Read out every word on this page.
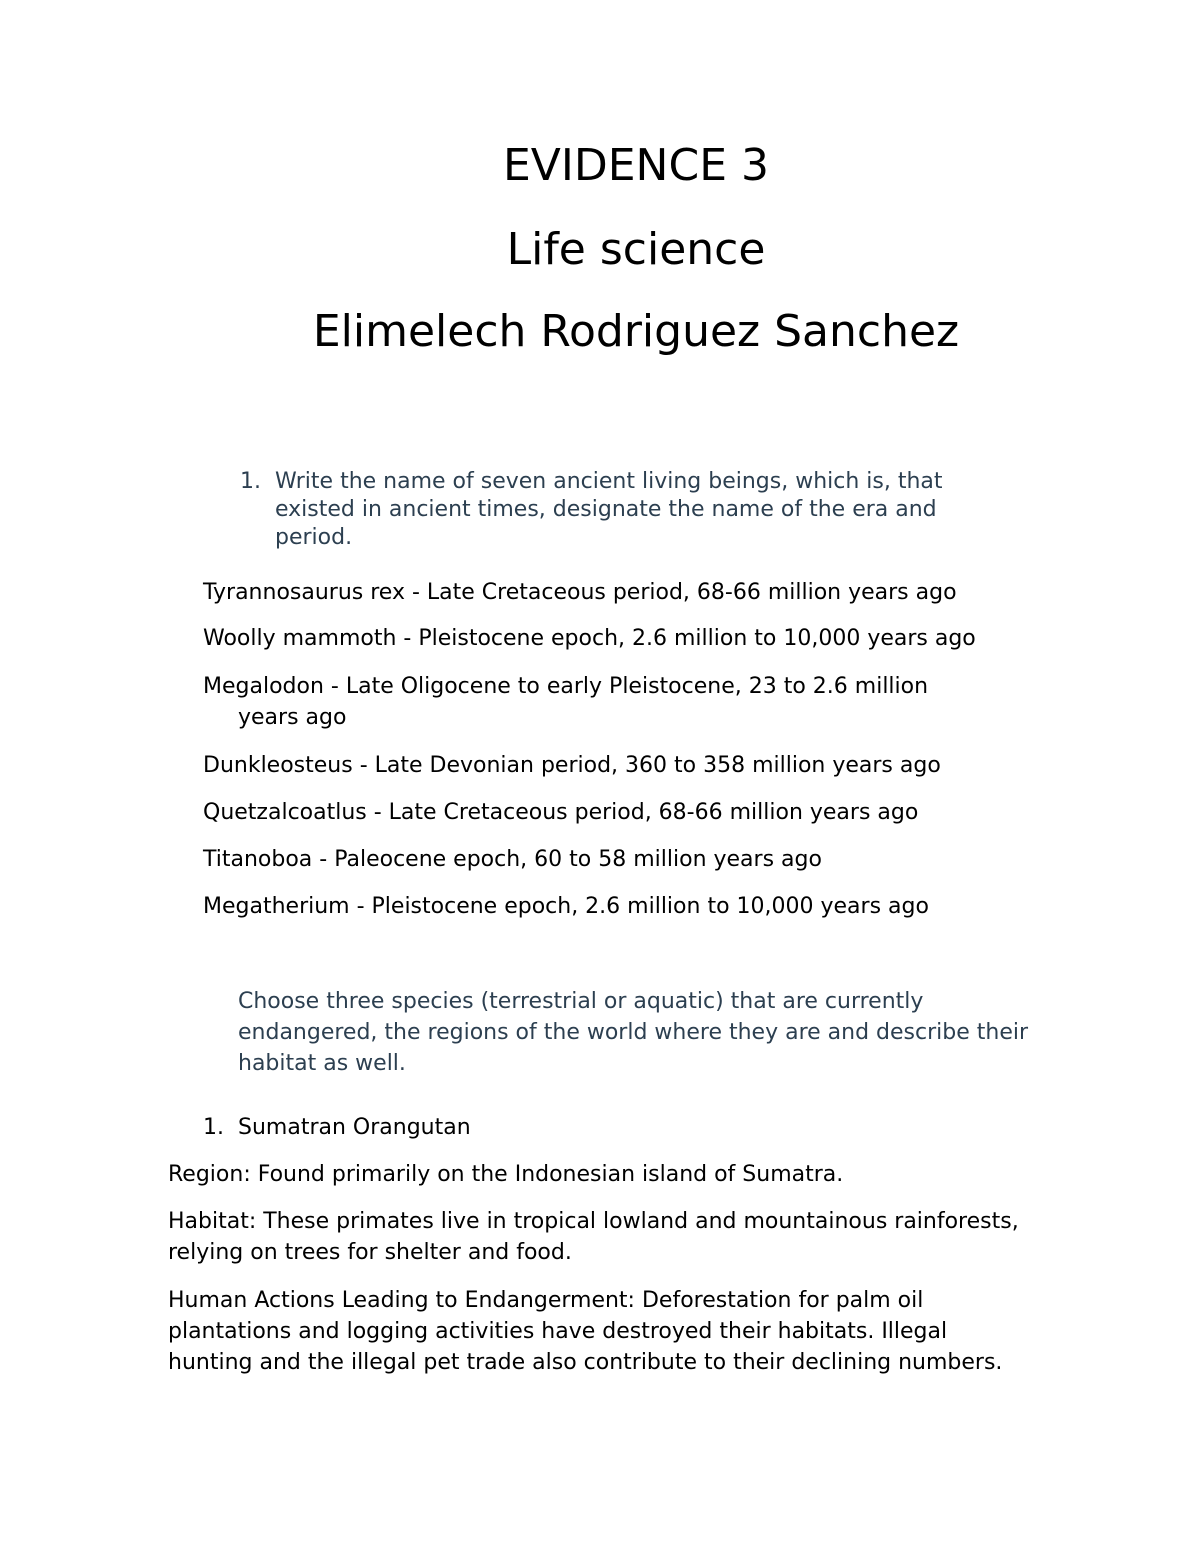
EVIDENCE 3
Life science
Elimelech Rodriguez Sanchez
1. Write the name of seven ancient living beings, which is, that existed in ancient times, designate the name of the era and period.
Tyrannosaurus rex - Late Cretaceous period, 68-66 million years ago
Woolly mammoth - Pleistocene epoch, 2.6 million to 10,000 years ago
Megalodon - Late Oligocene to early Pleistocene, 23 to 2.6 million
years ago
Dunkleosteus - Late Devonian period, 360 to 358 million years ago
Quetzalcoatlus - Late Cretaceous period, 68-66 million years ago
Titanoboa - Paleocene epoch, 60 to 58 million years ago
Megatherium - Pleistocene epoch, 2.6 million to 10,000 years ago
Choose three species (terrestrial or aquatic) that are currently endangered, the regions of the world where they are and describe their habitat as well.
1. Sumatran Orangutan
Region: Found primarily on the Indonesian island of Sumatra.
Habitat: These primates live in tropical lowland and mountainous rainforests, relying on trees for shelter and food.
Human Actions Leading to Endangerment: Deforestation for palm oil plantations and logging activities have destroyed their habitats. Illegal hunting and the illegal pet trade also contribute to their declining numbers.
